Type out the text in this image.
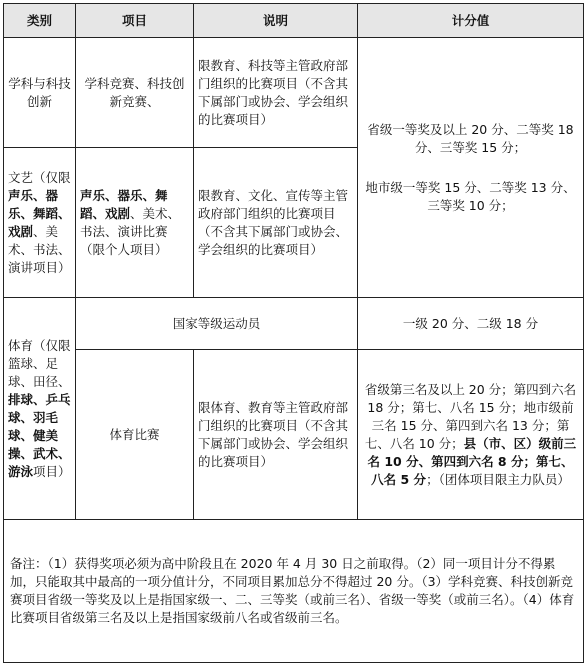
类别	项目	说明	计分值
学科与科技创新	学科竞赛、科技创新竞赛、	限教育、科技等主管政府部门组织的比赛项目（不含其下属部门或协会、学会组织的比赛项目）	省级一等奖及以上 20 分、二等奖 18 分、三等奖 15 分；
地市级一等奖 15 分、二等奖 13 分、三等奖 10 分；

文艺（仅限声乐、器乐、舞蹈、戏剧、美术、书法、演讲项目）	声乐、器乐、舞蹈、戏剧、美术、书法、演讲比赛（限个人项目）	限教育、文化、宣传等主管政府部门组织的比赛项目（不含其下属部门或协会、学会组织的比赛项目）	
体育（仅限篮球、足球、田径、排球、乒乓球、羽毛球、健美操、武术、游泳项目）	国家等级运动员		一级 20 分、二级 18 分
	体育比赛	限体育、教育等主管政府部门组织的比赛项目（不含其下属部门或协会、学会组织的比赛项目）	省级第三名及以上 20 分；第四到六名 18 分；第七、八名 15 分；地市级前三名 15 分、第四到六名 13 分；第七、八名 10 分；县（市、区）级前三名 10 分、第四到六名 8 分；第七、八名 5 分；（团体项目限主力队员）
备注：（1）获得奖项必须为高中阶段且在 2020 年 4 月 30 日之前取得。（2）同一项目计分不得累加，只能取其中最高的一项分值计分，不同项目累加总分不得超过 20 分。（3）学科竞赛、科技创新竞赛项目省级一等奖及以上是指国家级一、二、三等奖（或前三名）、省级一等奖（或前三名）。（4）体育比赛项目省级第三名及以上是指国家级前八名或省级前三名。			
